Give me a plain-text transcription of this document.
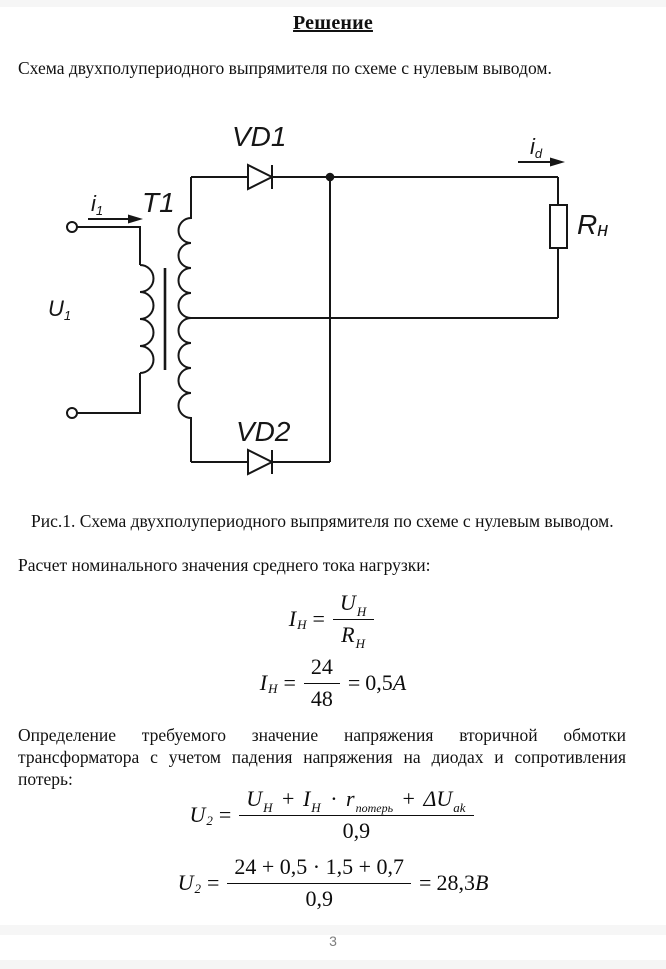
Решение

Схема двухполупериодного выпрямителя по схеме с нулевым выводом.

T1
VD1
VD2
i1
id
U1
Rн

Рис.1. Схема двухполупериодного выпрямителя по схеме с нулевым выводом.

Расчет номинального значения среднего тока нагрузки:

I $Н = \frac{UН}{RН}$
I $Н = \frac{24}{48} = 0,5$ А

Определение требуемого значение напряжения вторичной обмотки трансформатора с учетом падения напряжения на диодах и сопротивления потерь:

U 2 =
UН + IН · rпотерь + ΔUak
0,9
U $2 = \frac{24 + 0,5 \cdot 1,5 + 0,7}{0,9} = 28,3$ В
3
